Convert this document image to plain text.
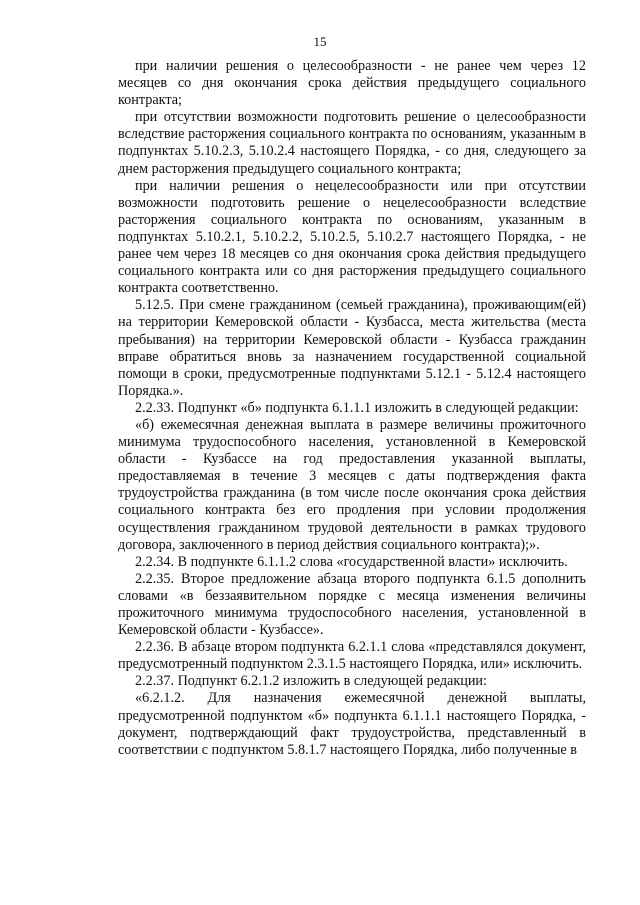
15

при наличии решения о целесообразности - не ранее чем через 12 месяцев со дня окончания срока действия предыдущего социального контракта;

при отсутствии возможности подготовить решение о целесообразности вследствие расторжения социального контракта по основаниям, указанным в подпунктах 5.10.2.3, 5.10.2.4 настоящего Порядка, - со дня, следующего за днем расторжения предыдущего социального контракта;

при наличии решения о нецелесообразности или при отсутствии возможности подготовить решение о нецелесообразности вследствие расторжения социального контракта по основаниям, указанным в подпунктах 5.10.2.1, 5.10.2.2, 5.10.2.5, 5.10.2.7 настоящего Порядка, - не ранее чем через 18 месяцев со дня окончания срока действия предыдущего социального контракта или со дня расторжения предыдущего социального контракта соответственно.

5.12.5. При смене гражданином (семьей гражданина), проживающим(ей) на территории Кемеровской области - Кузбасса, места жительства (места пребывания) на территории Кемеровской области - Кузбасса гражданин вправе обратиться вновь за назначением государственной социальной помощи в сроки, предусмотренные подпунктами 5.12.1 - 5.12.4 настоящего Порядка.».

2.2.33. Подпункт «б» подпункта 6.1.1.1 изложить в следующей редакции:

«б) ежемесячная денежная выплата в размере величины прожиточного минимума трудоспособного населения, установленной в Кемеровской области - Кузбассе на год предоставления указанной выплаты, предоставляемая в течение 3 месяцев с даты подтверждения факта трудоустройства гражданина (в том числе после окончания срока действия социального контракта без его продления при условии продолжения осуществления гражданином трудовой деятельности в рамках трудового договора, заключенного в период действия социального контракта);».

2.2.34. В подпункте 6.1.1.2 слова «государственной власти» исключить.

2.2.35. Второе предложение абзаца второго подпункта 6.1.5 дополнить словами «в беззаявительном порядке с месяца изменения величины прожиточного минимума трудоспособного населения, установленной в Кемеровской области - Кузбассе».

2.2.36. В абзаце втором подпункта 6.2.1.1 слова «представлялся документ, предусмотренный подпунктом 2.3.1.5 настоящего Порядка, или» исключить.

2.2.37. Подпункт 6.2.1.2 изложить в следующей редакции:

«6.2.1.2. Для назначения ежемесячной денежной выплаты, предусмотренной подпунктом «б» подпункта 6.1.1.1 настоящего Порядка, - документ, подтверждающий факт трудоустройства, представленный в соответствии с подпунктом 5.8.1.7 настоящего Порядка, либо полученные в
